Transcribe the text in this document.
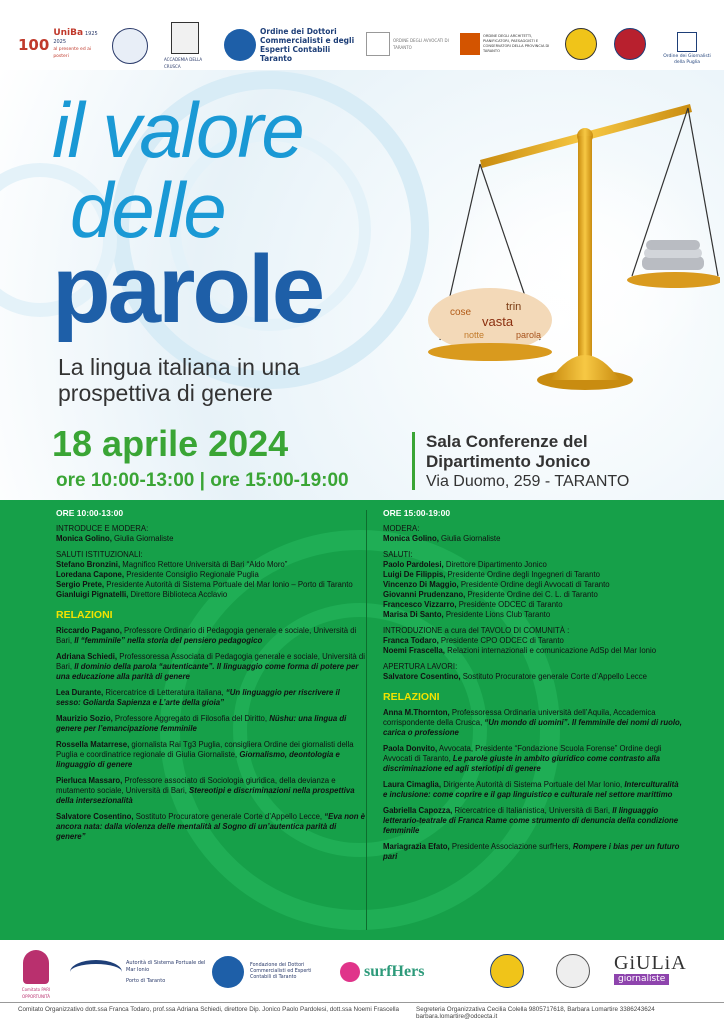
100
UniBa 1925 2025
al presente ed ai posteri
ACCADEMIA DELLA CRUSCA
Ordine dei Dottori Commercialisti e degli Esperti Contabili Taranto
ORDINE DEGLI AVVOCATI DI TARANTO
ORDINE DEGLI ARCHITETTI, PIANIFICATORI, PAESAGGISTI E CONSERVATORI DELLA PROVINCIA DI TARANTO
Ordine dei Giornalisti della Puglia
il valore
delle
parole
La lingua italiana in una prospettiva di genere
cose
vasta
notte
trin
parola
18 aprile 2024
ore 10:00-13:00 | ore 15:00-19:00
Sala Conferenze del
Dipartimento Jonico
Via Duomo, 259 - TARANTO
ORE 10:00-13:00
INTRODUCE E MODERA:
Monica Golino, Giulia Giornaliste
SALUTI ISTITUZIONALI:
Stefano Bronzini, Magnifico Rettore Università di Bari “Aldo Moro”
Loredana Capone, Presidente Consiglio Regionale Puglia
Sergio Prete, Presidente Autorità di Sistema Portuale del Mar Ionio – Porto di Taranto
Gianluigi Pignatelli, Direttore Biblioteca Acclavio
RELAZIONI
Riccardo Pagano, Professore Ordinario di Pedagogia generale e sociale, Università di Bari, Il “femminile” nella storia del pensiero pedagogico
Adriana Schiedi, Professoressa Associata di Pedagogia generale e sociale, Università di Bari, Il dominio della parola “autenticante”. Il linguaggio come forma di potere per una educazione alla parità di genere
Lea Durante, Ricercatrice di Letteratura italiana, “Un linguaggio per riscrivere il sesso: Goliarda Sapienza e L’arte della gioia”
Maurizio Sozio, Professore Aggregato di Filosofia del Diritto, Nüshu: una lingua di genere per l’emancipazione femminile
Rossella Matarrese, giornalista Rai Tg3 Puglia, consigliera Ordine dei giornalisti della Puglia e coordinatrice regionale di Giulia Giornaliste, Giornalismo, deontologia e linguaggio di genere
Pierluca Massaro, Professore associato di Sociologia giuridica, della devianza e mutamento sociale, Università di Bari, Stereotipi e discriminazioni nella prospettiva della intersezionalità
Salvatore Cosentino, Sostituto Procuratore generale Corte d’Appello Lecce, “Eva non è ancora nata: dalla violenza delle mentalità al Sogno di un’autentica parità di genere”
ORE 15:00-19:00
MODERA:
Monica Golino, Giulia Giornaliste
SALUTI:
Paolo Pardolesi, Direttore Dipartimento Jonico
Luigi De Filippis, Presidente Ordine degli Ingegneri di Taranto
Vincenzo Di Maggio, Presidente Ordine degli Avvocati di Taranto
Giovanni Prudenzano, Presidente Ordine dei C. L. di Taranto
Francesco Vizzarro, Presidente ODCEC di Taranto
Marisa Di Santo, Presidente Lions Club Taranto
INTRODUZIONE a cura del TAVOLO DI COMUNITÀ :
Franca Todaro, Presidente CPO ODCEC di Taranto
Noemi Frascella, Relazioni internazionali e comunicazione AdSp del Mar Ionio
APERTURA LAVORI:
Salvatore Cosentino, Sostituto Procuratore generale Corte d’Appello Lecce
RELAZIONI
Anna M.Thornton, Professoressa Ordinaria università dell’Aquila, Accademica corrispondente della Crusca, “Un mondo di uomini”. Il femminile dei nomi di ruolo, carica o professione
Paola Donvito, Avvocata, Presidente “Fondazione Scuola Forense” Ordine degli Avvocati di Taranto, Le parole giuste in ambito giuridico come contrasto alla discriminazione ed agli steriotipi di genere
Laura Cimaglia, Dirigente Autorità di Sistema Portuale del Mar Ionio, Interculturalità e inclusione: come coprire e il gap linguistico e culturale nel settore marittimo
Gabriella Capozza, Ricercatrice di Italianistica, Università di Bari, Il linguaggio letterario-teatrale di Franca Rame come strumento di denuncia della condizione femminile
Mariagrazia Efato, Presidente Associazione surfHers, Rompere i bias per un futuro pari
Comitato PARI OPPORTUNITÀ
Autorità di Sistema Portuale del Mar Ionio
Porto di Taranto
Fondazione dei Dottori Commercialisti ed Esperti Contabili di Taranto	surfHers	GiULiA
giornaliste
Comitato Organizzativo dott.ssa Franca Todaro, prof.ssa Adriana Schiedi, direttore Dip. Jonico Paolo Pardolesi, dott.ssa Noemi Frascella	Segreteria Organizzativa Cecilia Colella 9805717618, Barbara Lomartire 3386243624 barbara.lomartire@odcecta.it
